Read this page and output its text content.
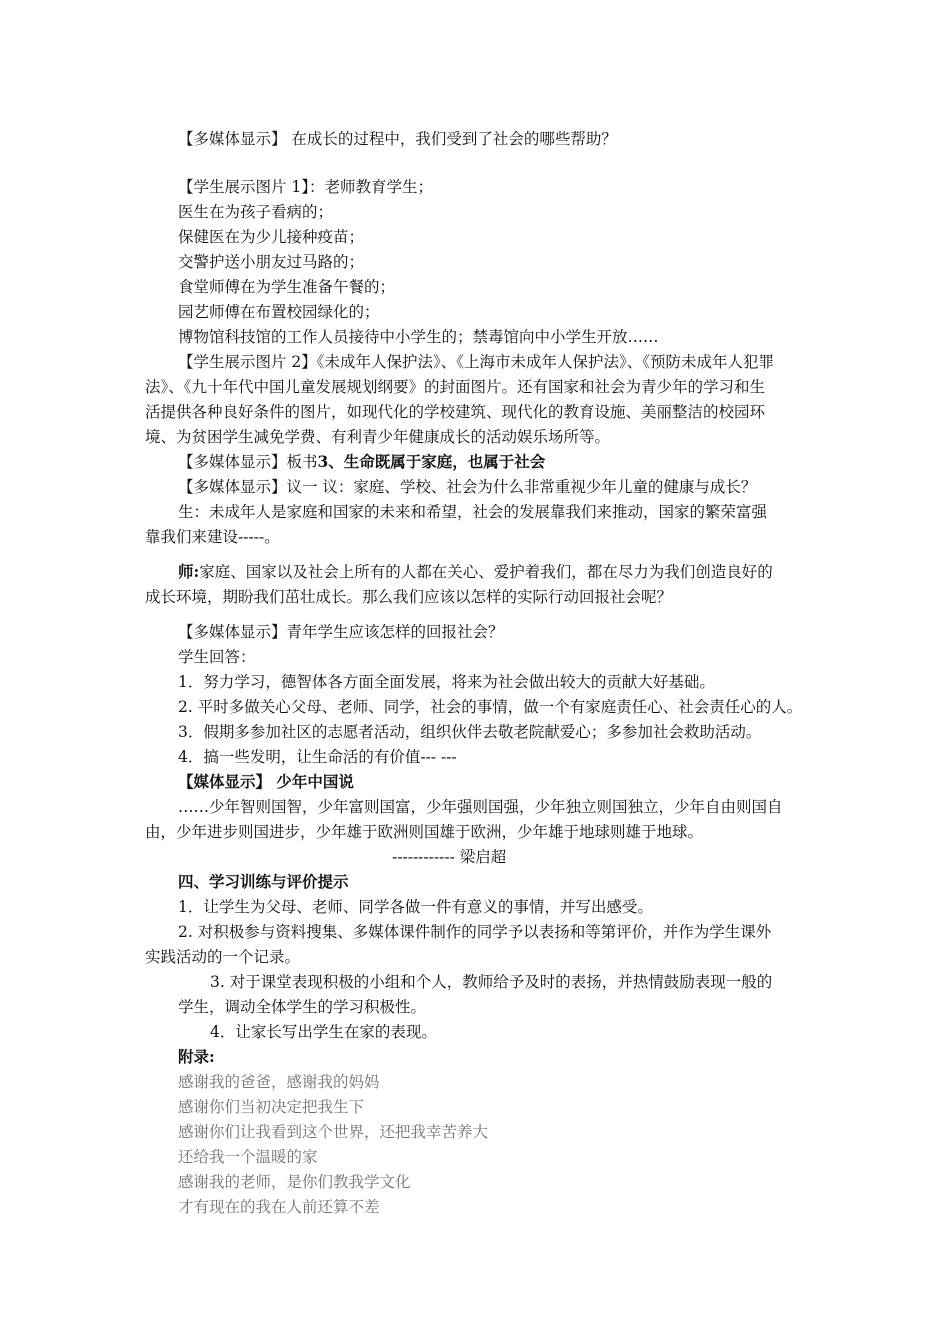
【多媒体显示】 在成长的过程中，我们受到了社会的哪些帮助？
【学生展示图片 1】：老师教育学生；
医生在为孩子看病的；
保健医在为少儿接种疫苗；
交警护送小朋友过马路的；
食堂师傅在为学生准备午餐的；
园艺师傅在布置校园绿化的；
博物馆科技馆的工作人员接待中小学生的；禁毒馆向中小学生开放……
【学生展示图片 2】《未成年人保护法》、《上海市未成年人保护法》、《预防未成年人犯罪
法》、《九十年代中国儿童发展规划纲要》的封面图片。还有国家和社会为青少年的学习和生
活提供各种良好条件的图片，如现代化的学校建筑、现代化的教育设施、美丽整洁的校园环
境、为贫困学生减免学费、有利青少年健康成长的活动娱乐场所等。
【多媒体显示】板书3、生命既属于家庭，也属于社会
【多媒体显示】议一 议：家庭、学校、社会为什么非常重视少年儿童的健康与成长？
生：未成年人是家庭和国家的未来和希望，社会的发展靠我们来推动，国家的繁荣富强
靠我们来建设-----。
师:家庭、国家以及社会上所有的人都在关心、爱护着我们，都在尽力为我们创造良好的
成长环境，期盼我们茁壮成长。那么我们应该以怎样的实际行动回报社会呢？
【多媒体显示】青年学生应该怎样的回报社会？
学生回答：
1．努力学习，德智体各方面全面发展，将来为社会做出较大的贡献大好基础。
2. 平时多做关心父母、老师、同学，社会的事情，做一个有家庭责任心、社会责任心的人。
3．假期多参加社区的志愿者活动，组织伙伴去敬老院献爱心；多参加社会救助活动。
4．搞一些发明，让生命活的有价值--- ---
【媒体显示】 少年中国说
……少年智则国智，少年富则国富，少年强则国强，少年独立则国独立，少年自由则国自
由，少年进步则国进步，少年雄于欧洲则国雄于欧洲，少年雄于地球则雄于地球。
------------ 梁启超
四、学习训练与评价提示
1．让学生为父母、老师、同学各做一件有意义的事情，并写出感受。
2. 对积极参与资料搜集、多媒体课件制作的同学予以表扬和等第评价，并作为学生课外
实践活动的一个记录。
3. 对于课堂表现积极的小组和个人，教师给予及时的表扬，并热情鼓励表现一般的
学生，调动全体学生的学习积极性。
4．让家长写出学生在家的表现。
附录:
感谢我的爸爸，感谢我的妈妈
感谢你们当初决定把我生下
感谢你们让我看到这个世界，还把我幸苦养大
还给我一个温暖的家
感谢我的老师，是你们教我学文化
才有现在的我在人前还算不差
